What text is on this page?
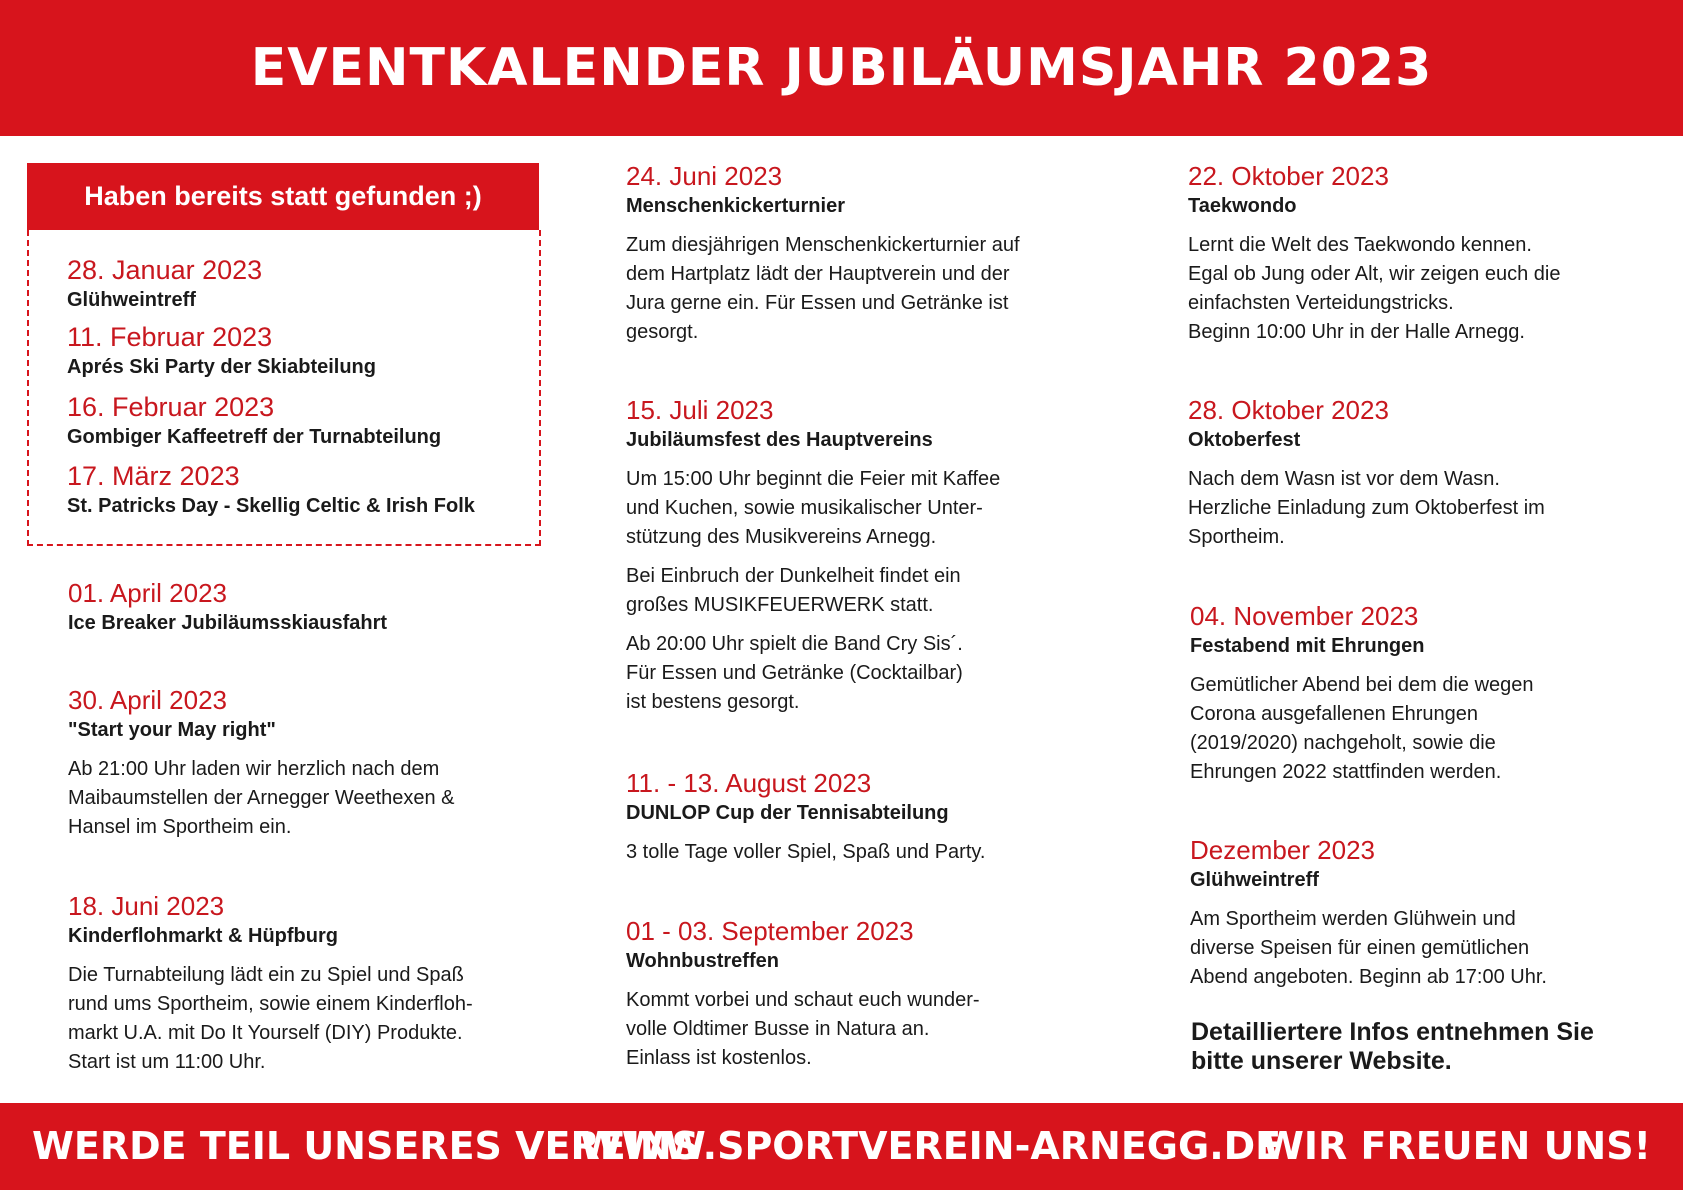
EVENTKALENDER JUBILÄUMSJAHR 2023
Haben bereits statt gefunden ;)
28. Januar 2023
Glühweintreff
11. Februar 2023
Aprés Ski Party der Skiabteilung
16. Februar 2023
Gombiger Kaffeetreff der Turnabteilung
17. März 2023
St. Patricks Day - Skellig Celtic & Irish Folk
01. April 2023
Ice Breaker Jubiläumsskiausfahrt
30. April 2023
"Start your May right"
Ab 21:00 Uhr laden wir herzlich nach dem
Maibaumstellen der Arnegger Weethexen &
Hansel im Sportheim ein.
18. Juni 2023
Kinderflohmarkt & Hüpfburg
Die Turnabteilung lädt ein zu Spiel und Spaß
rund ums Sportheim, sowie einem Kinderfloh-
markt U.A. mit Do It Yourself (DIY) Produkte.
Start ist um 11:00 Uhr.
24. Juni 2023
Menschenkickerturnier
Zum diesjährigen Menschenkickerturnier auf
dem Hartplatz lädt der Hauptverein und der
Jura gerne ein. Für Essen und Getränke ist
gesorgt.
15. Juli 2023
Jubiläumsfest des Hauptvereins
Um 15:00 Uhr beginnt die Feier mit Kaffee
und Kuchen, sowie musikalischer Unter-
stützung des Musikvereins Arnegg.
Bei Einbruch der Dunkelheit findet ein
großes MUSIKFEUERWERK statt.
Ab 20:00 Uhr spielt die Band Cry Sis´.
Für Essen und Getränke (Cocktailbar)
ist bestens gesorgt.
11. - 13. August 2023
DUNLOP Cup der Tennisabteilung
3 tolle Tage voller Spiel, Spaß und Party.
01 - 03. September 2023
Wohnbustreffen
Kommt vorbei und schaut euch wunder-
volle Oldtimer Busse in Natura an.
Einlass ist kostenlos.
22. Oktober 2023
Taekwondo
Lernt die Welt des Taekwondo kennen.
Egal ob Jung oder Alt, wir zeigen euch die
einfachsten Verteidungstricks.
Beginn 10:00 Uhr in der Halle Arnegg.
28. Oktober 2023
Oktoberfest
Nach dem Wasn ist vor dem Wasn.
Herzliche Einladung zum Oktoberfest im
Sportheim.
04. November 2023
Festabend mit Ehrungen
Gemütlicher Abend bei dem die wegen
Corona ausgefallenen Ehrungen
(2019/2020) nachgeholt, sowie die
Ehrungen 2022 stattfinden werden.
Dezember 2023
Glühweintreff
Am Sportheim werden Glühwein und
diverse Speisen für einen gemütlichen
Abend angeboten. Beginn ab 17:00 Uhr.
Detailliertere Infos entnehmen Sie
bitte unserer Website.
WERDE TEIL UNSERES VEREINS
WWW.SPORTVEREIN-ARNEGG.DE
WIR FREUEN UNS!
